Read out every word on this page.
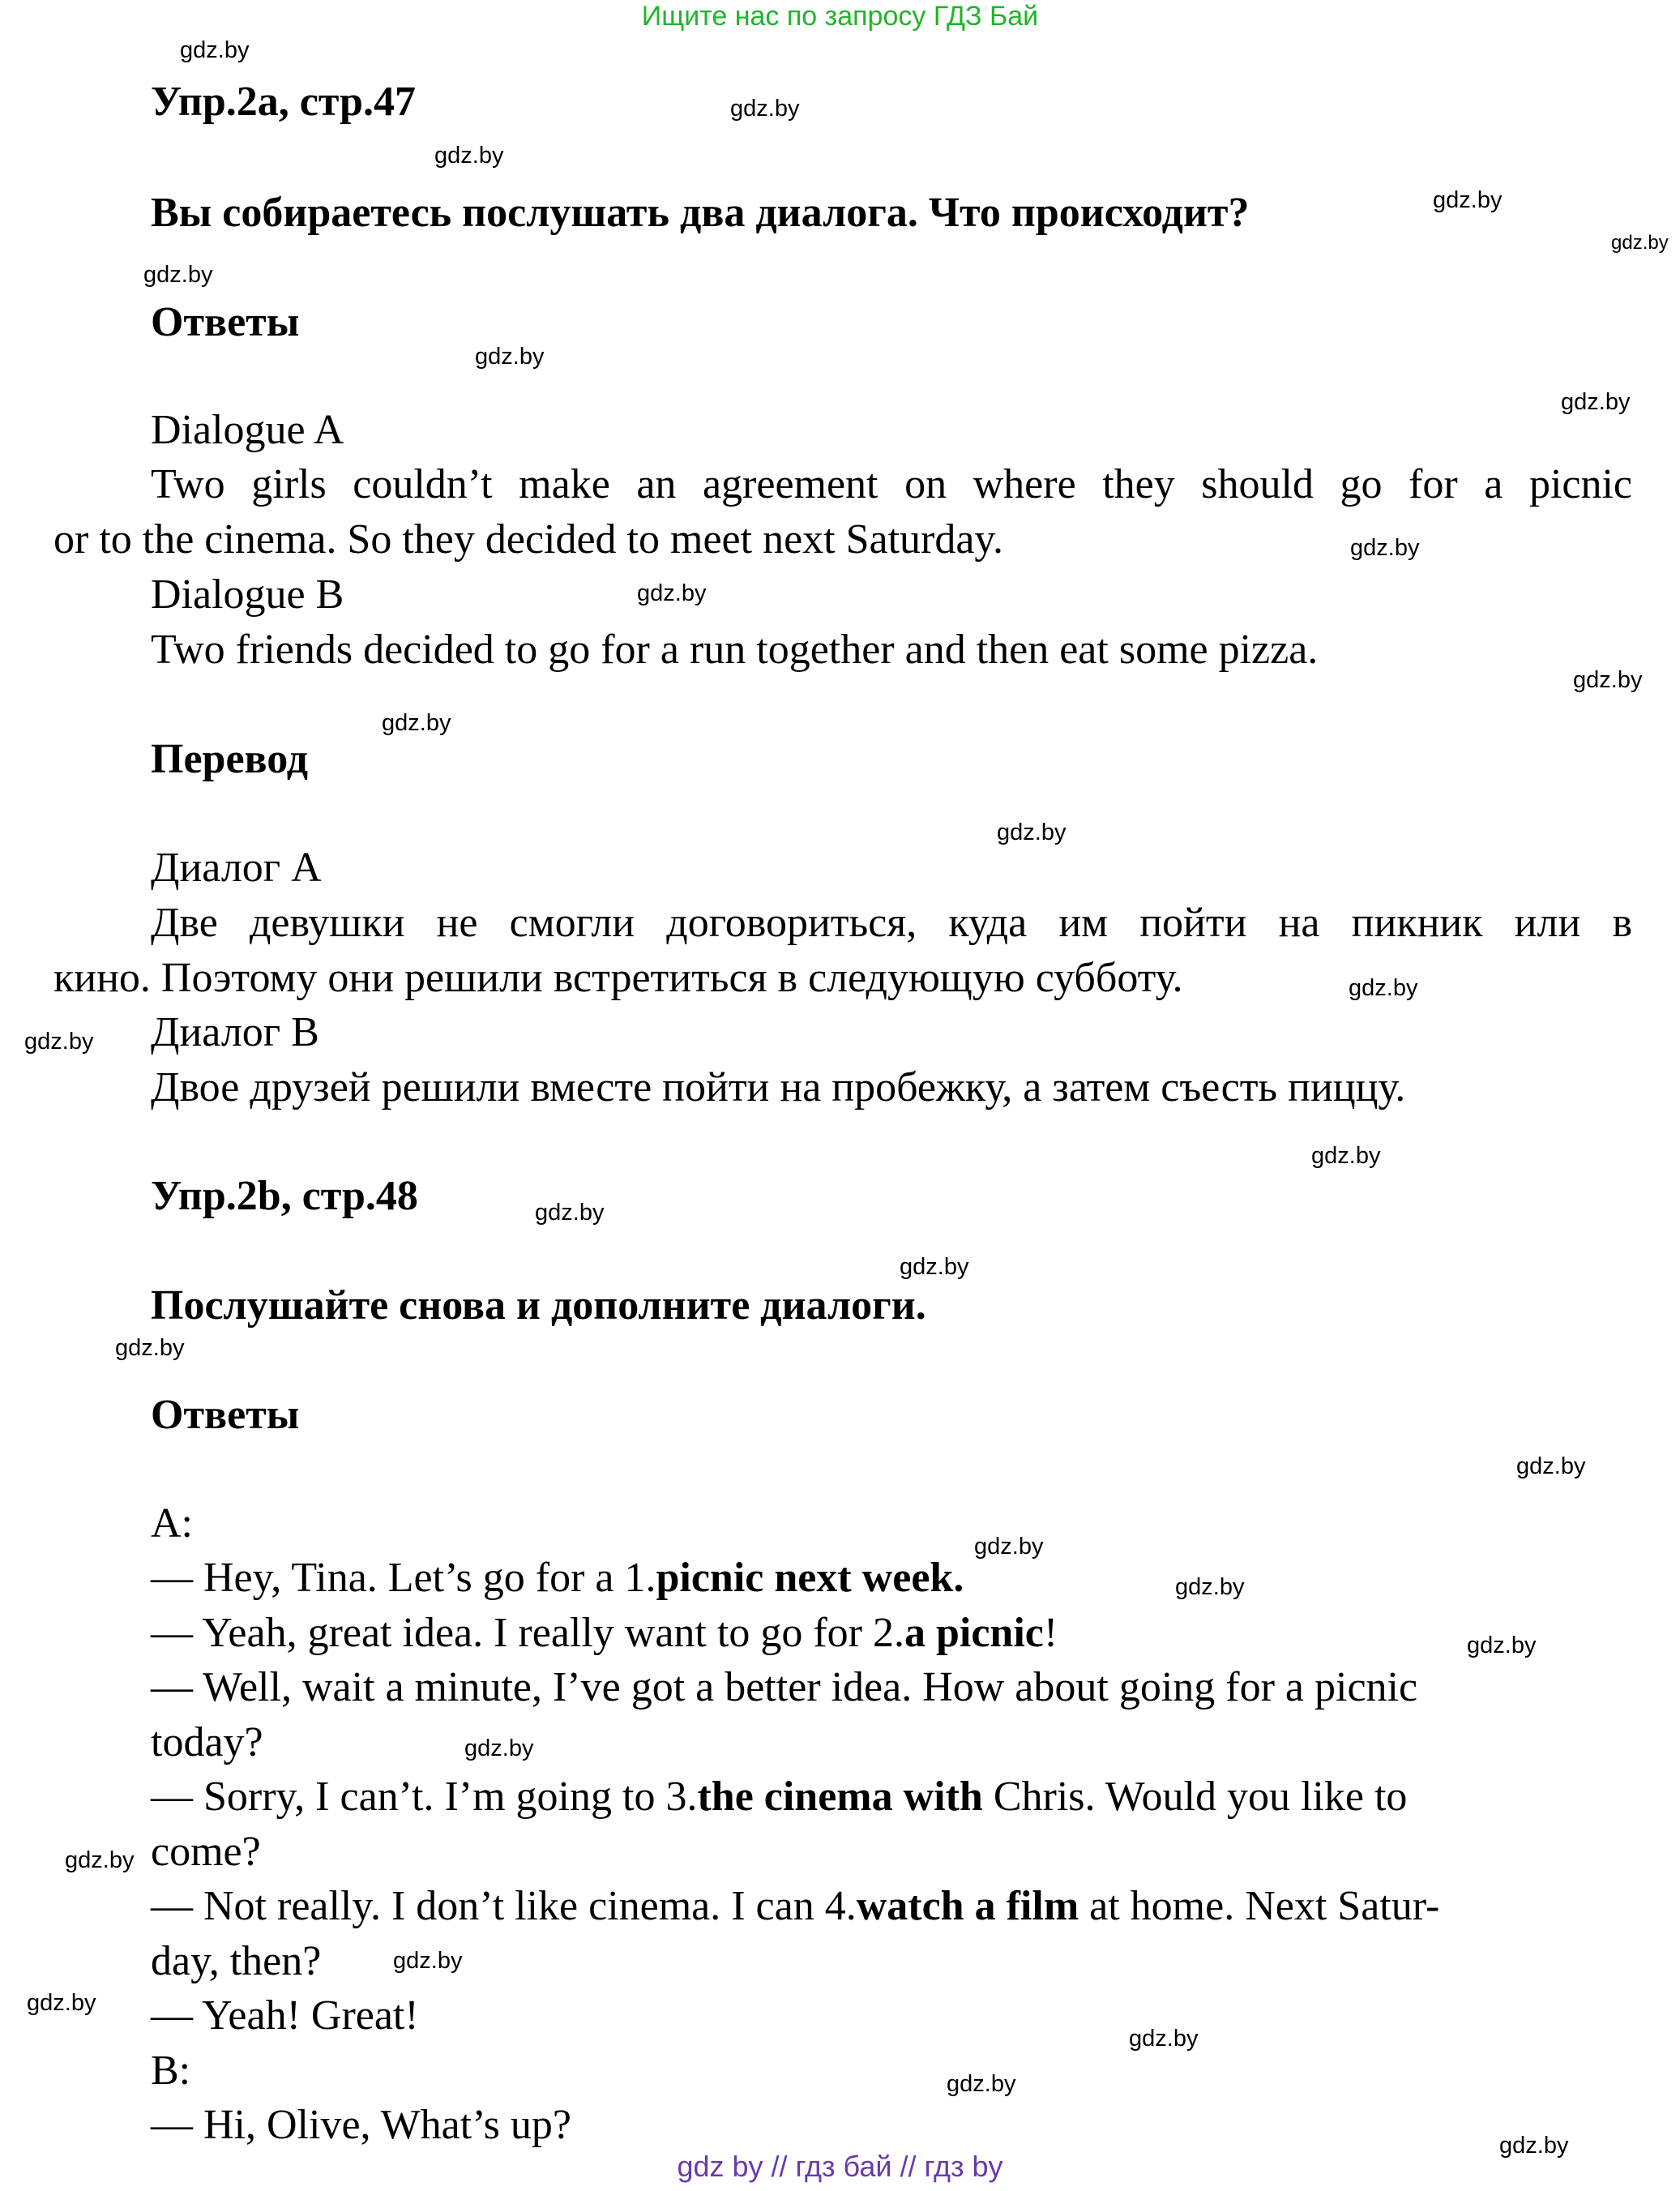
Ищите нас по запросу ГДЗ Бай
Упр.2а, стр.47
Вы собираетесь послушать два диалога. Что происходит?
Ответы
Dialogue A
Two girls couldn’t make an agreement on where they should go for a picnic
or to the cinema. So they decided to meet next Saturday.
Dialogue B
Two friends decided to go for a run together and then eat some pizza.
Перевод
Диалог А
Две девушки не смогли договориться, куда им пойти на пикник или в
кино. Поэтому они решили встретиться в следующую субботу.
Диалог В
Двое друзей решили вместе пойти на пробежку, а затем съесть пиццу.
Упр.2b, стр.48
Послушайте снова и дополните диалоги.
Ответы
A:
— Hey, Tina. Let’s go for a 1.picnic next week.
— Yeah, great idea. I really want to go for 2.a picnic!
— Well, wait a minute, I’ve got a better idea. How about going for a picnic
today?
— Sorry, I can’t. I’m going to 3.the cinema with Chris. Would you like to
come?
— Not really. I don’t like cinema. I can 4.watch a film at home. Next Satur-
day, then?
— Yeah! Great!
B:
— Hi, Olive, What’s up?
gdz.by
gdz.by
gdz.by
gdz.by
gdz.by
gdz.by
gdz.by
gdz.by
gdz.by
gdz.by
gdz.by
gdz.by
gdz.by
gdz.by
gdz.by
gdz.by
gdz.by
gdz.by
gdz.by
gdz.by
gdz.by
gdz.by
gdz.by
gdz.by
gdz.by
gdz.by
gdz.by
gdz.by
gdz.by
gdz.by
gdz by // гдз бай // гдз by
